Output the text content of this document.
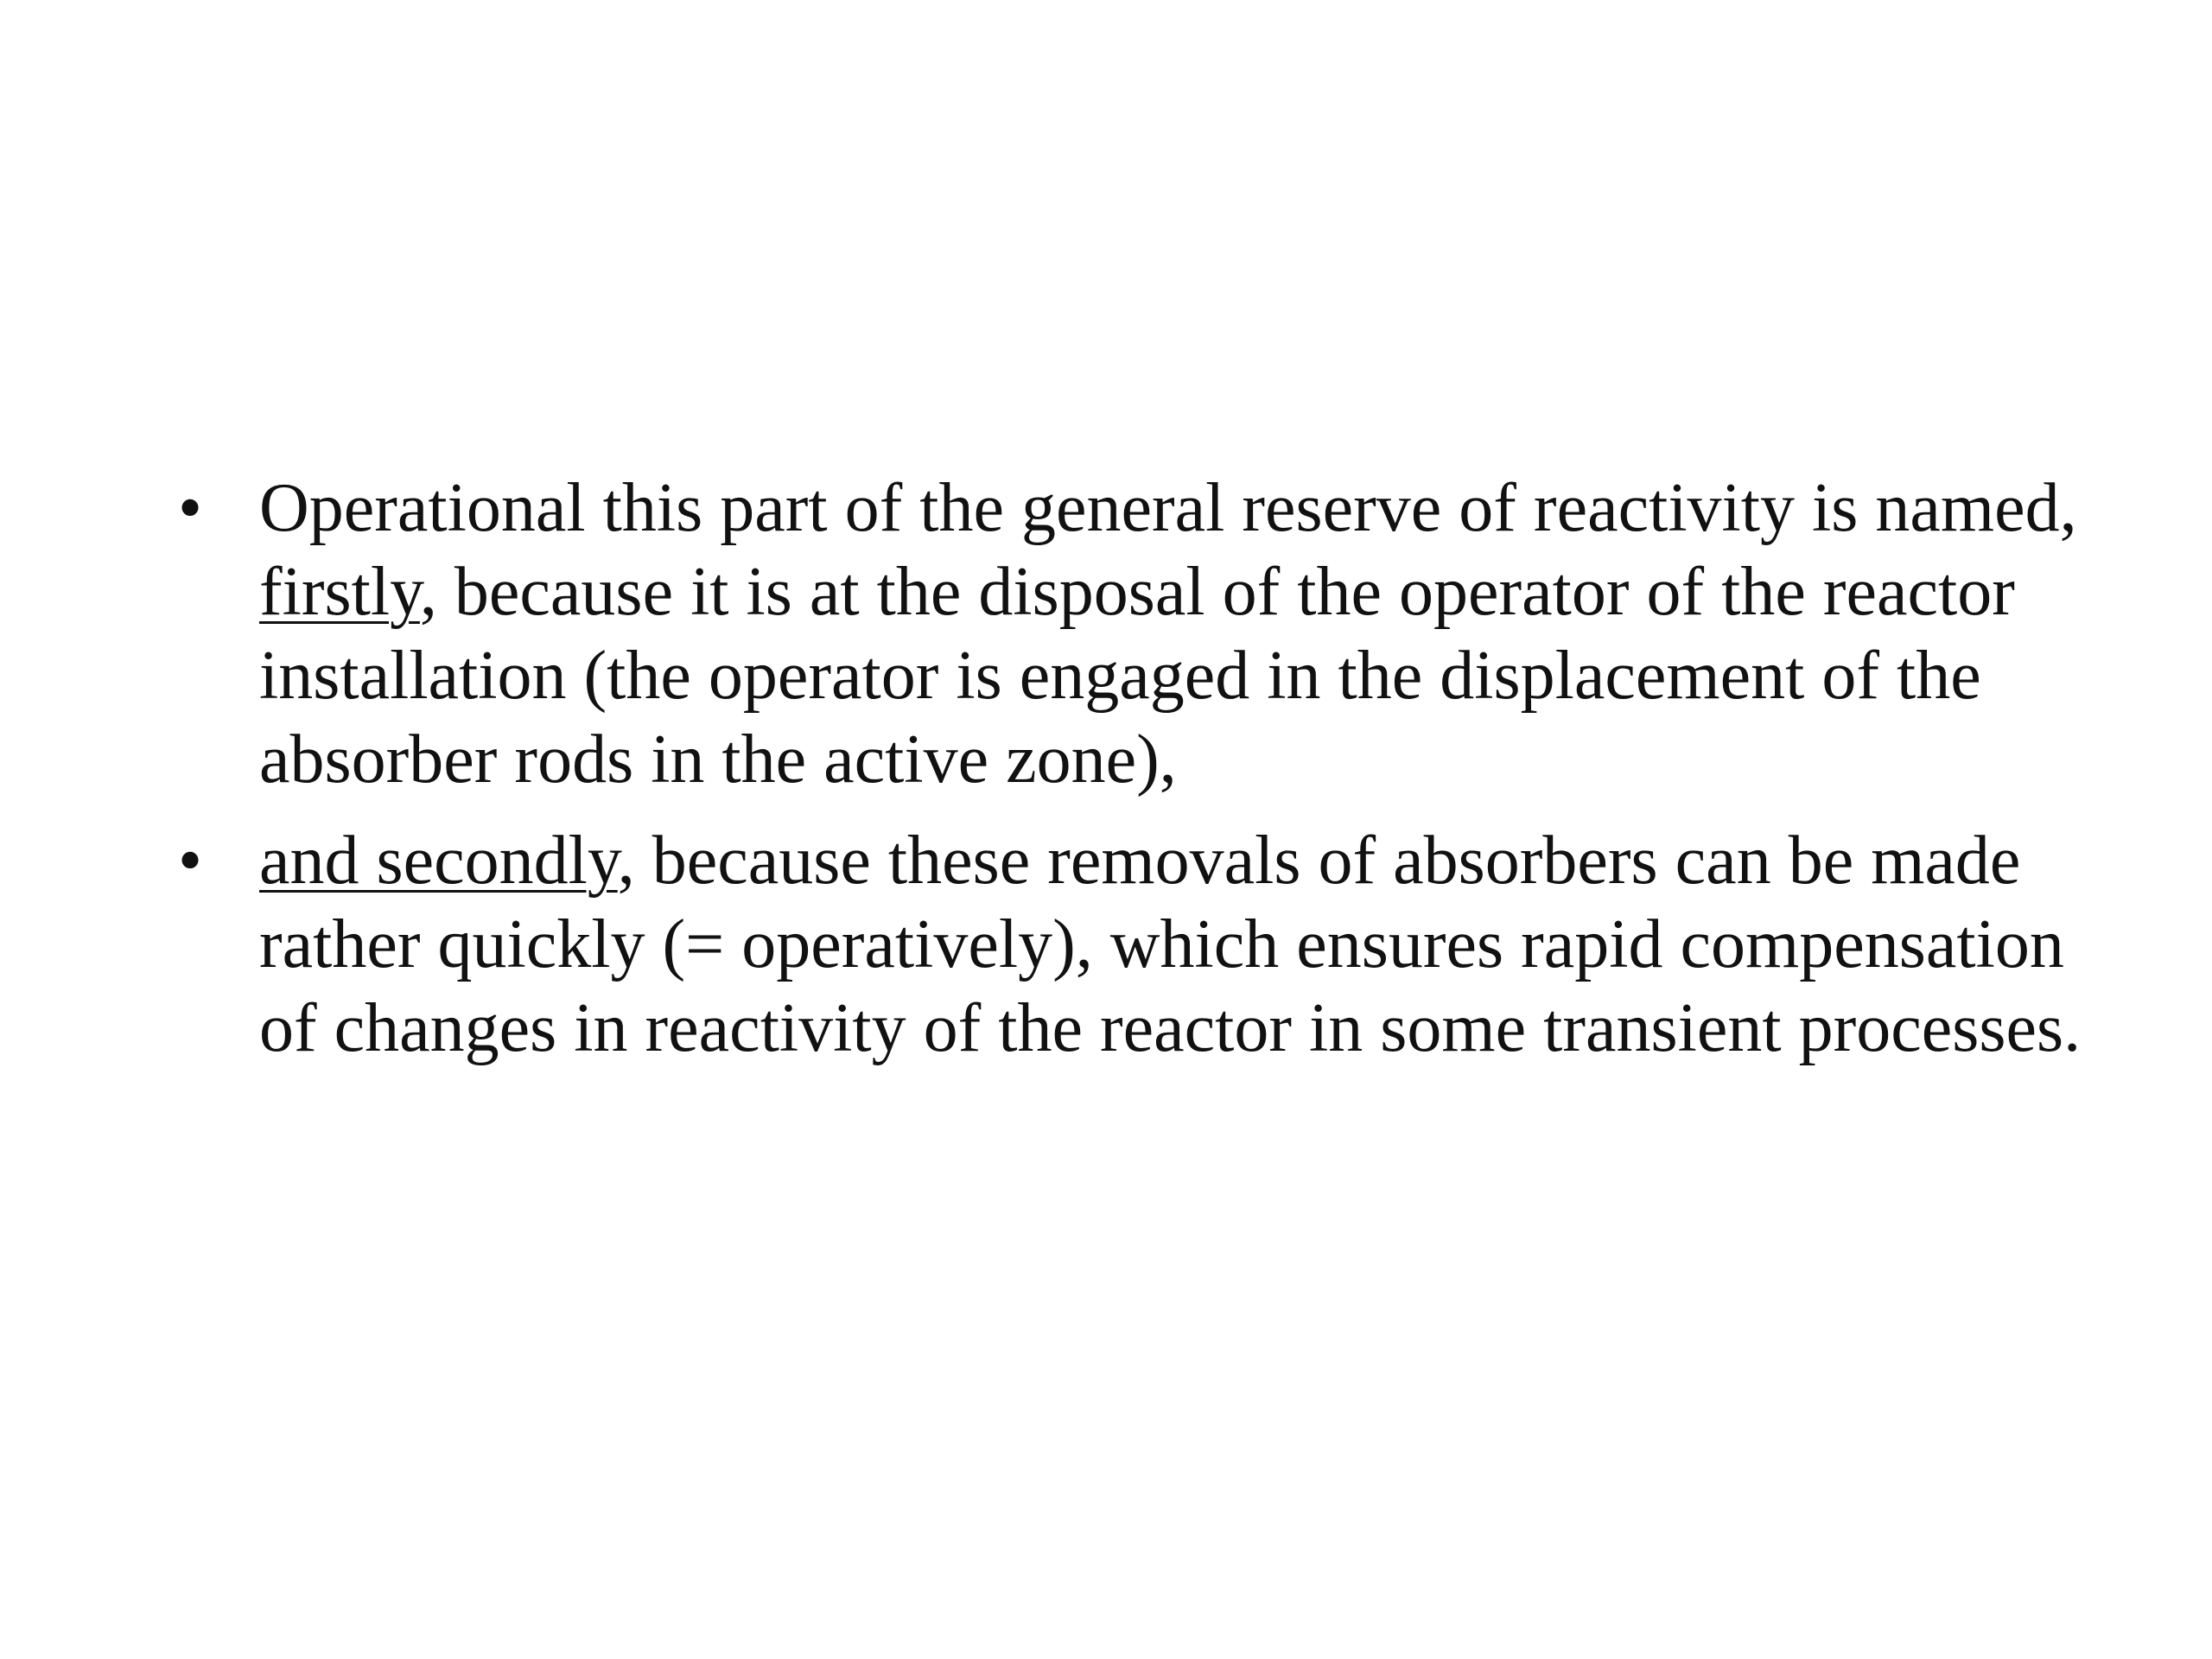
• Operational this part of the general reserve of reactivity is named, firstly, because it is at the disposal of the operator of the reactor installation (the operator is engaged in the displacement of the absorber rods in the active zone),
• and secondly, because these removals of absorbers can be made rather quickly (= operatively), which ensures rapid compensation of changes in reactivity of the reactor in some transient processes.
